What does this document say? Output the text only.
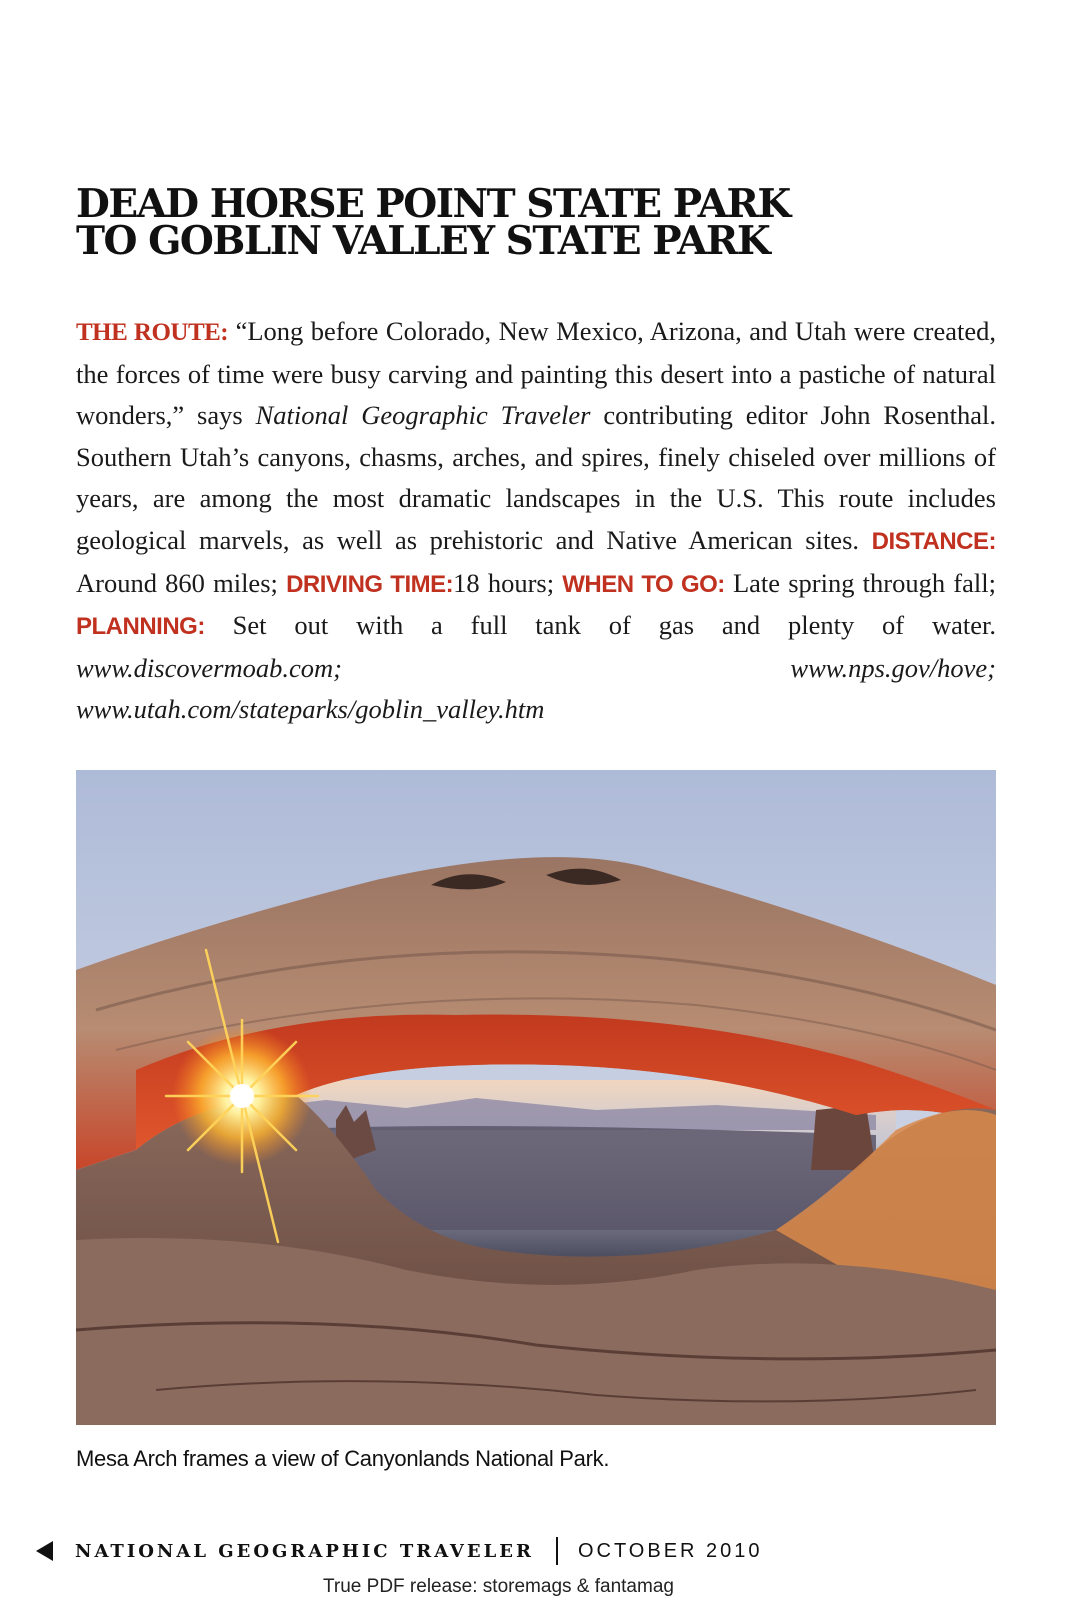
DEAD HORSE POINT STATE PARK
TO GOBLIN VALLEY STATE PARK

THE ROUTE: “Long before Colorado, New Mexico, Arizona, and Utah were created, the forces of time were busy carving and painting this desert into a pastiche of natural wonders,” says National Geographic Traveler contributing editor John Rosenthal. Southern Utah’s canyons, chasms, arches, and spires, finely chiseled over millions of years, are among the most dramatic landscapes in the U.S. This route includes geological marvels, as well as prehistoric and Native American sites. DISTANCE: Around 860 miles; DRIVING TIME:18 hours; WHEN TO GO: Late spring through fall; PLANNING: Set out with a full tank of gas and plenty of water. www.discovermoab.com; www.nps.gov/hove; www.utah.com/stateparks/goblin_valley.htm

Mesa Arch frames a view of Canyonlands National Park.

NATIONAL GEOGRAPHIC TRAVELER OCTOBER 2010
True PDF release: storemags & fantamag
